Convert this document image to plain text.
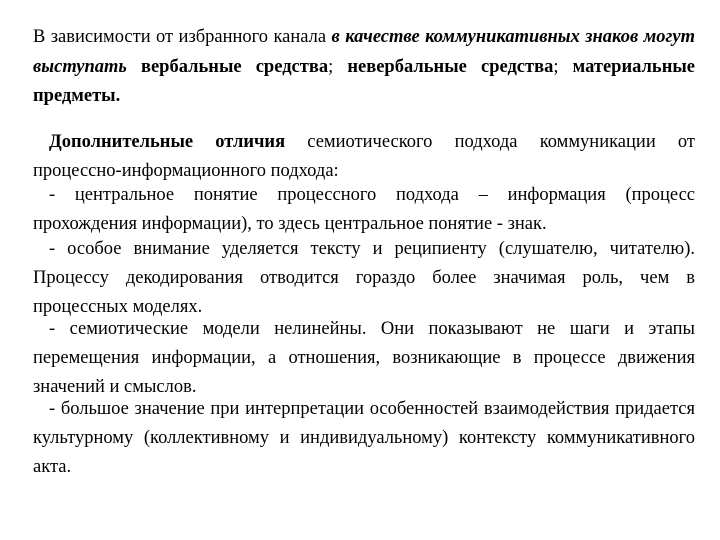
В зависимости от избранного канала в качестве коммуникативных знаков могут выступать вербальные средства; невербальные средства; материальные предметы.

Дополнительные отличия семиотического подхода коммуникации от процессно-информационного подхода:

- центральное понятие процессного подхода – информация (процесс прохождения информации), то здесь центральное понятие - знак.

- особое внимание уделяется тексту и реципиенту (слушателю, читателю). Процессу декодирования отводится гораздо более значимая роль, чем в процессных моделях.

- семиотические модели нелинейны. Они показывают не шаги и этапы перемещения информации, а отношения, возникающие в процессе движения значений и смыслов.

- большое значение при интерпретации особенностей взаимодействия придается культурному (коллективному и индивидуальному) контексту коммуникативного акта.
